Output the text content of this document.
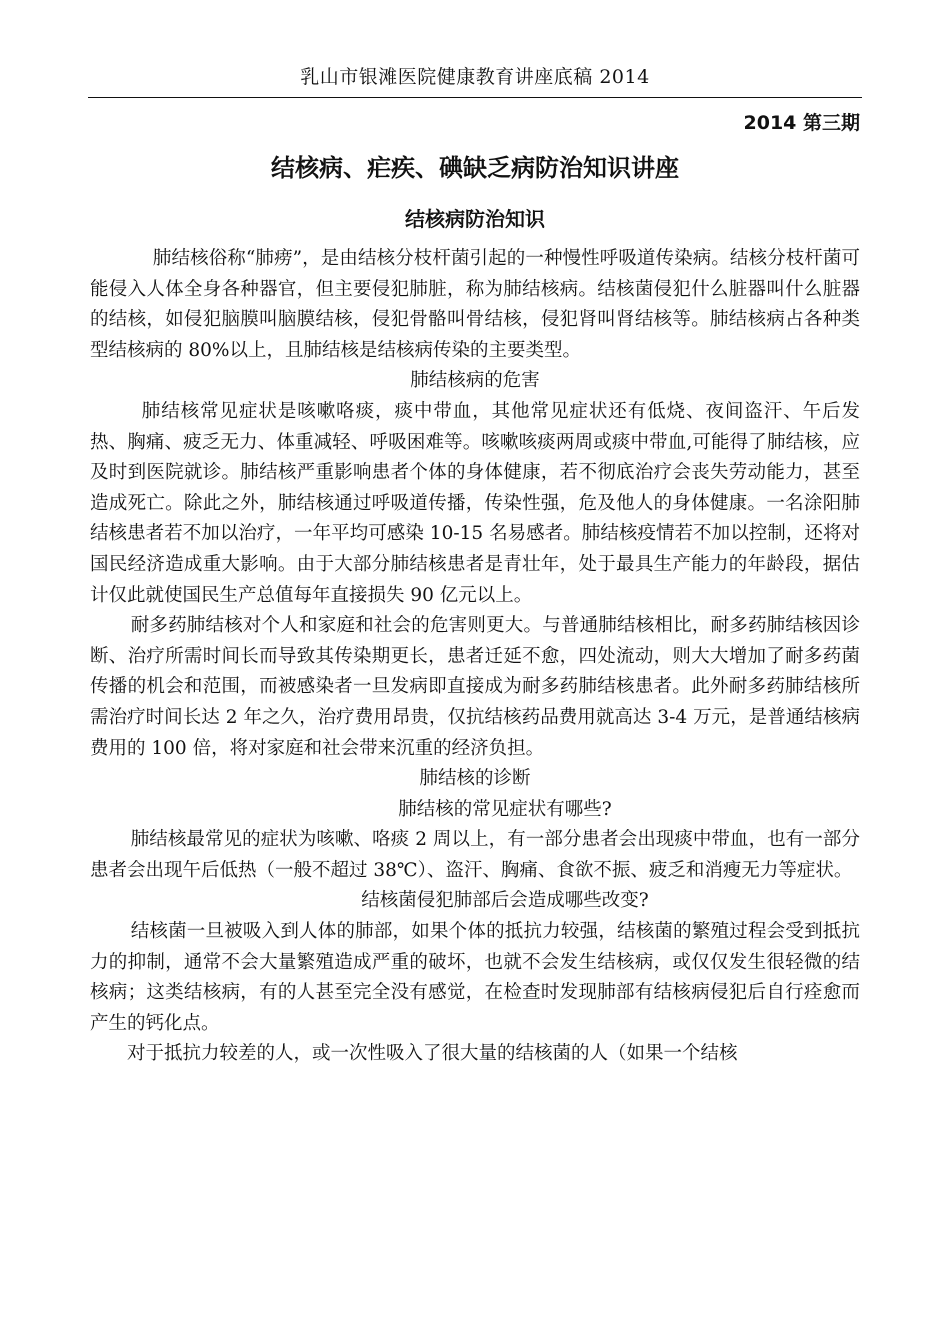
乳山市银滩医院健康教育讲座底稿 2014
2014 第三期
结核病、疟疾、碘缺乏病防治知识讲座
结核病防治知识

肺结核俗称“肺痨”，是由结核分枝杆菌引起的一种慢性呼吸道传染病。结核分枝杆菌可能侵入人体全身各种器官，但主要侵犯肺脏，称为肺结核病。结核菌侵犯什么脏器叫什么脏器的结核，如侵犯脑膜叫脑膜结核，侵犯骨骼叫骨结核，侵犯肾叫肾结核等。肺结核病占各种类型结核病的 80%以上，且肺结核是结核病传染的主要类型。

肺结核病的危害

肺结核常见症状是咳嗽咯痰，痰中带血，其他常见症状还有低烧、夜间盗汗、午后发热、胸痛、疲乏无力、体重减轻、呼吸困难等。咳嗽咳痰两周或痰中带血,可能得了肺结核，应及时到医院就诊。肺结核严重影响患者个体的身体健康，若不彻底治疗会丧失劳动能力，甚至造成死亡。除此之外，肺结核通过呼吸道传播，传染性强，危及他人的身体健康。一名涂阳肺结核患者若不加以治疗，一年平均可感染 10-15 名易感者。肺结核疫情若不加以控制，还将对国民经济造成重大影响。由于大部分肺结核患者是青壮年，处于最具生产能力的年龄段，据估计仅此就使国民生产总值每年直接损失 90 亿元以上。

耐多药肺结核对个人和家庭和社会的危害则更大。与普通肺结核相比，耐多药肺结核因诊断、治疗所需时间长而导致其传染期更长，患者迁延不愈，四处流动，则大大增加了耐多药菌传播的机会和范围，而被感染者一旦发病即直接成为耐多药肺结核患者。此外耐多药肺结核所需治疗时间长达 2 年之久，治疗费用昂贵，仅抗结核药品费用就高达 3-4 万元，是普通结核病费用的 100 倍，将对家庭和社会带来沉重的经济负担。

肺结核的诊断

肺结核的常见症状有哪些?

肺结核最常见的症状为咳嗽、咯痰 2 周以上，有一部分患者会出现痰中带血，也有一部分患者会出现午后低热（一般不超过 38℃）、盗汗、胸痛、食欲不振、疲乏和消瘦无力等症状。

结核菌侵犯肺部后会造成哪些改变?

结核菌一旦被吸入到人体的肺部，如果个体的抵抗力较强，结核菌的繁殖过程会受到抵抗力的抑制，通常不会大量繁殖造成严重的破坏，也就不会发生结核病，或仅仅发生很轻微的结核病；这类结核病，有的人甚至完全没有感觉，在检查时发现肺部有结核病侵犯后自行痊愈而产生的钙化点。

对于抵抗力较差的人，或一次性吸入了很大量的结核菌的人（如果一个结核
